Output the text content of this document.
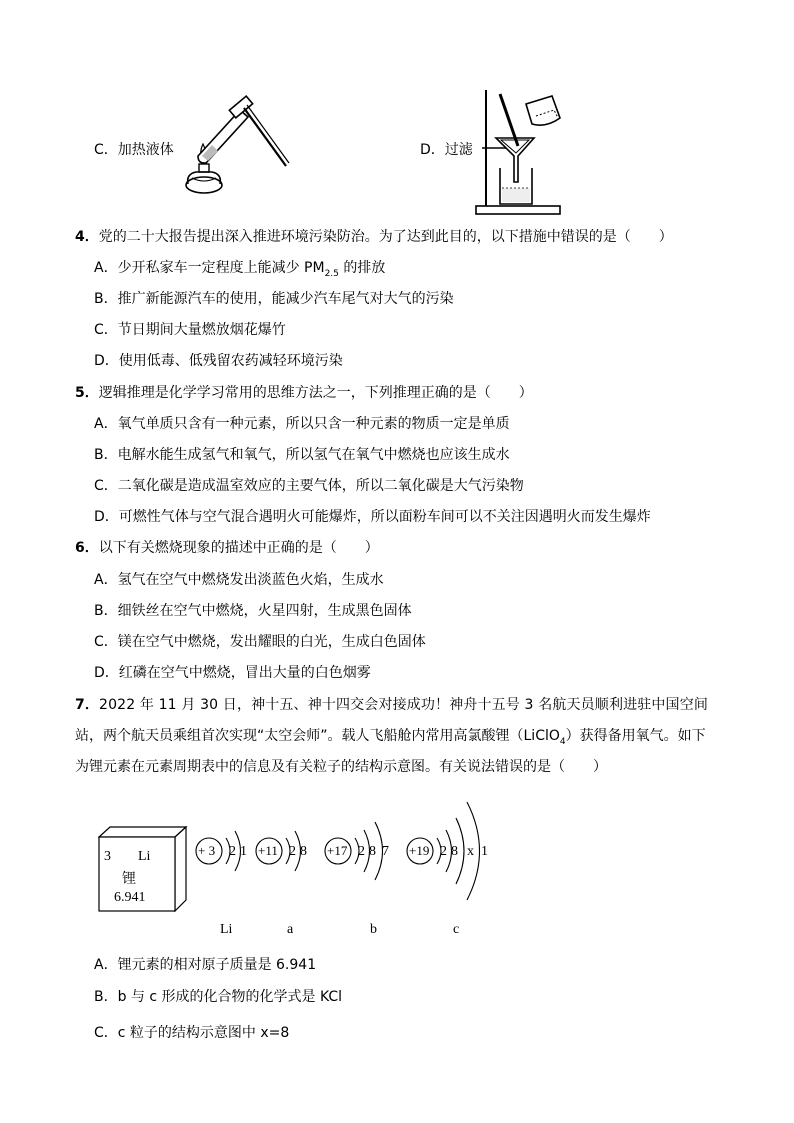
C．加热液体	D．过滤
4．党的二十大报告提出深入推进环境污染防治。为了达到此目的，以下措施中错误的是（　　）
A．少开私家车一定程度上能减少 $PM_{2.5}$ 的排放
B．推广新能源汽车的使用，能减少汽车尾气对大气的污染
C．节日期间大量燃放烟花爆竹
D．使用低毒、低残留农药减轻环境污染
5．逻辑推理是化学学习常用的思维方法之一，下列推理正确的是（　　）
A．氧气单质只含有一种元素，所以只含一种元素的物质一定是单质
B．电解水能生成氢气和氧气，所以氢气在氧气中燃烧也应该生成水
C．二氧化碳是造成温室效应的主要气体，所以二氧化碳是大气污染物
D．可燃性气体与空气混合遇明火可能爆炸，所以面粉车间可以不关注因遇明火而发生爆炸
6．以下有关燃烧现象的描述中正确的是（　　）
A．氢气在空气中燃烧发出淡蓝色火焰，生成水
B．细铁丝在空气中燃烧，火星四射，生成黑色固体
C．镁在空气中燃烧，发出耀眼的白光，生成白色固体
D．红磷在空气中燃烧，冒出大量的白色烟雾
7．2022 年 11 月 30 日，神十五、神十四交会对接成功！神舟十五号 3 名航天员顺利进驻中国空间
站，两个航天员乘组首次实现“太空会师”。载人飞船舱内常用高氯酸锂（LiClO$_4$）获得备用氧气。如下
为锂元素在元素周期表中的信息及有关粒子的结构示意图。有关说法错误的是（　　）
3 Li
锂
6.941
+ 3	+11	+17	+19
2 1	2 8	2 8 7	2 8 x 1
Li	a	b	c
A．锂元素的相对原子质量是 6.941
B．b 与 c 形成的化合物的化学式是 KCl
C．c 粒子的结构示意图中 x=8
